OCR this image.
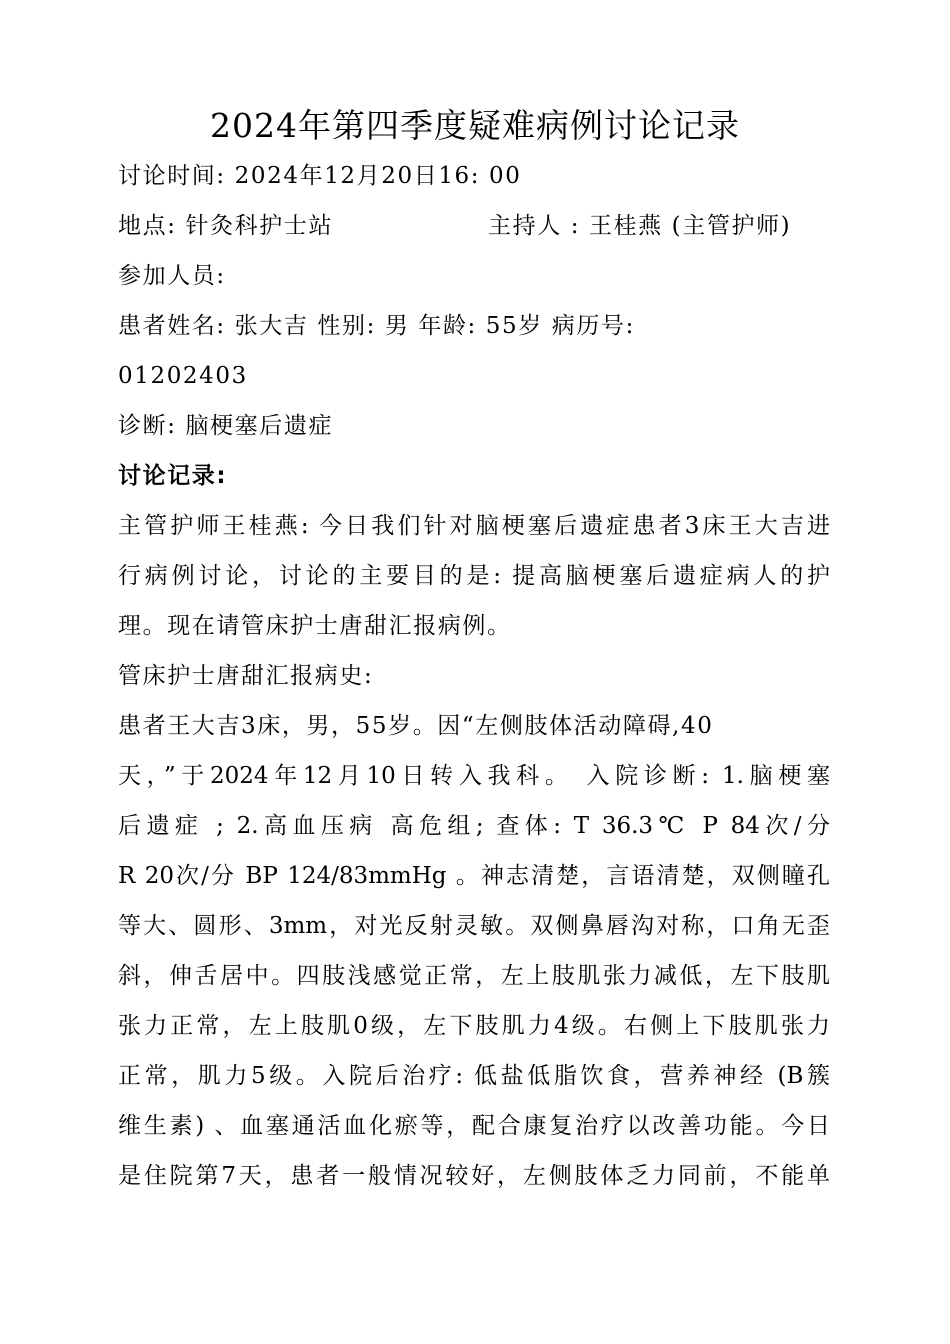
2024年第四季度疑难病例讨论记录
讨论时间: 2024年12月20日16: 00
地点: 针灸科护士站	主持人 : 王桂燕 (主管护师)
参加人员:
患者姓名: 张大吉 性别: 男 年龄: 55岁 病历号:
01202403
诊断: 脑梗塞后遗症
讨论记录:
主管护师王桂燕: 今日我们针对脑梗塞后遗症患者3床王大吉进
行病例讨论，讨论的主要目的是: 提高脑梗塞后遗症病人的护
理。现在请管床护士唐甜汇报病例。
管床护士唐甜汇报病史:
患者王大吉3床，男，55岁。因“左侧肢体活动障碍,40
天，”于2024年12月10日转入我科。 入院诊断: 1.脑梗塞
后遗症 ; 2.高血压病 高危组; 查体: T 36.3℃ P 84次/分
R 20次/分 BP 124/83mmHg 。神志清楚，言语清楚，双侧瞳孔
等大、圆形、3mm，对光反射灵敏。双侧鼻唇沟对称，口角无歪
斜，伸舌居中。四肢浅感觉正常，左上肢肌张力减低，左下肢肌
张力正常，左上肢肌0级，左下肢肌力4级。右侧上下肢肌张力
正常，肌力5级。入院后治疗: 低盐低脂饮食，营养神经 (B簇
维生素) 、血塞通活血化瘀等，配合康复治疗以改善功能。今日
是住院第7天，患者一般情况较好，左侧肢体乏力同前，不能单
